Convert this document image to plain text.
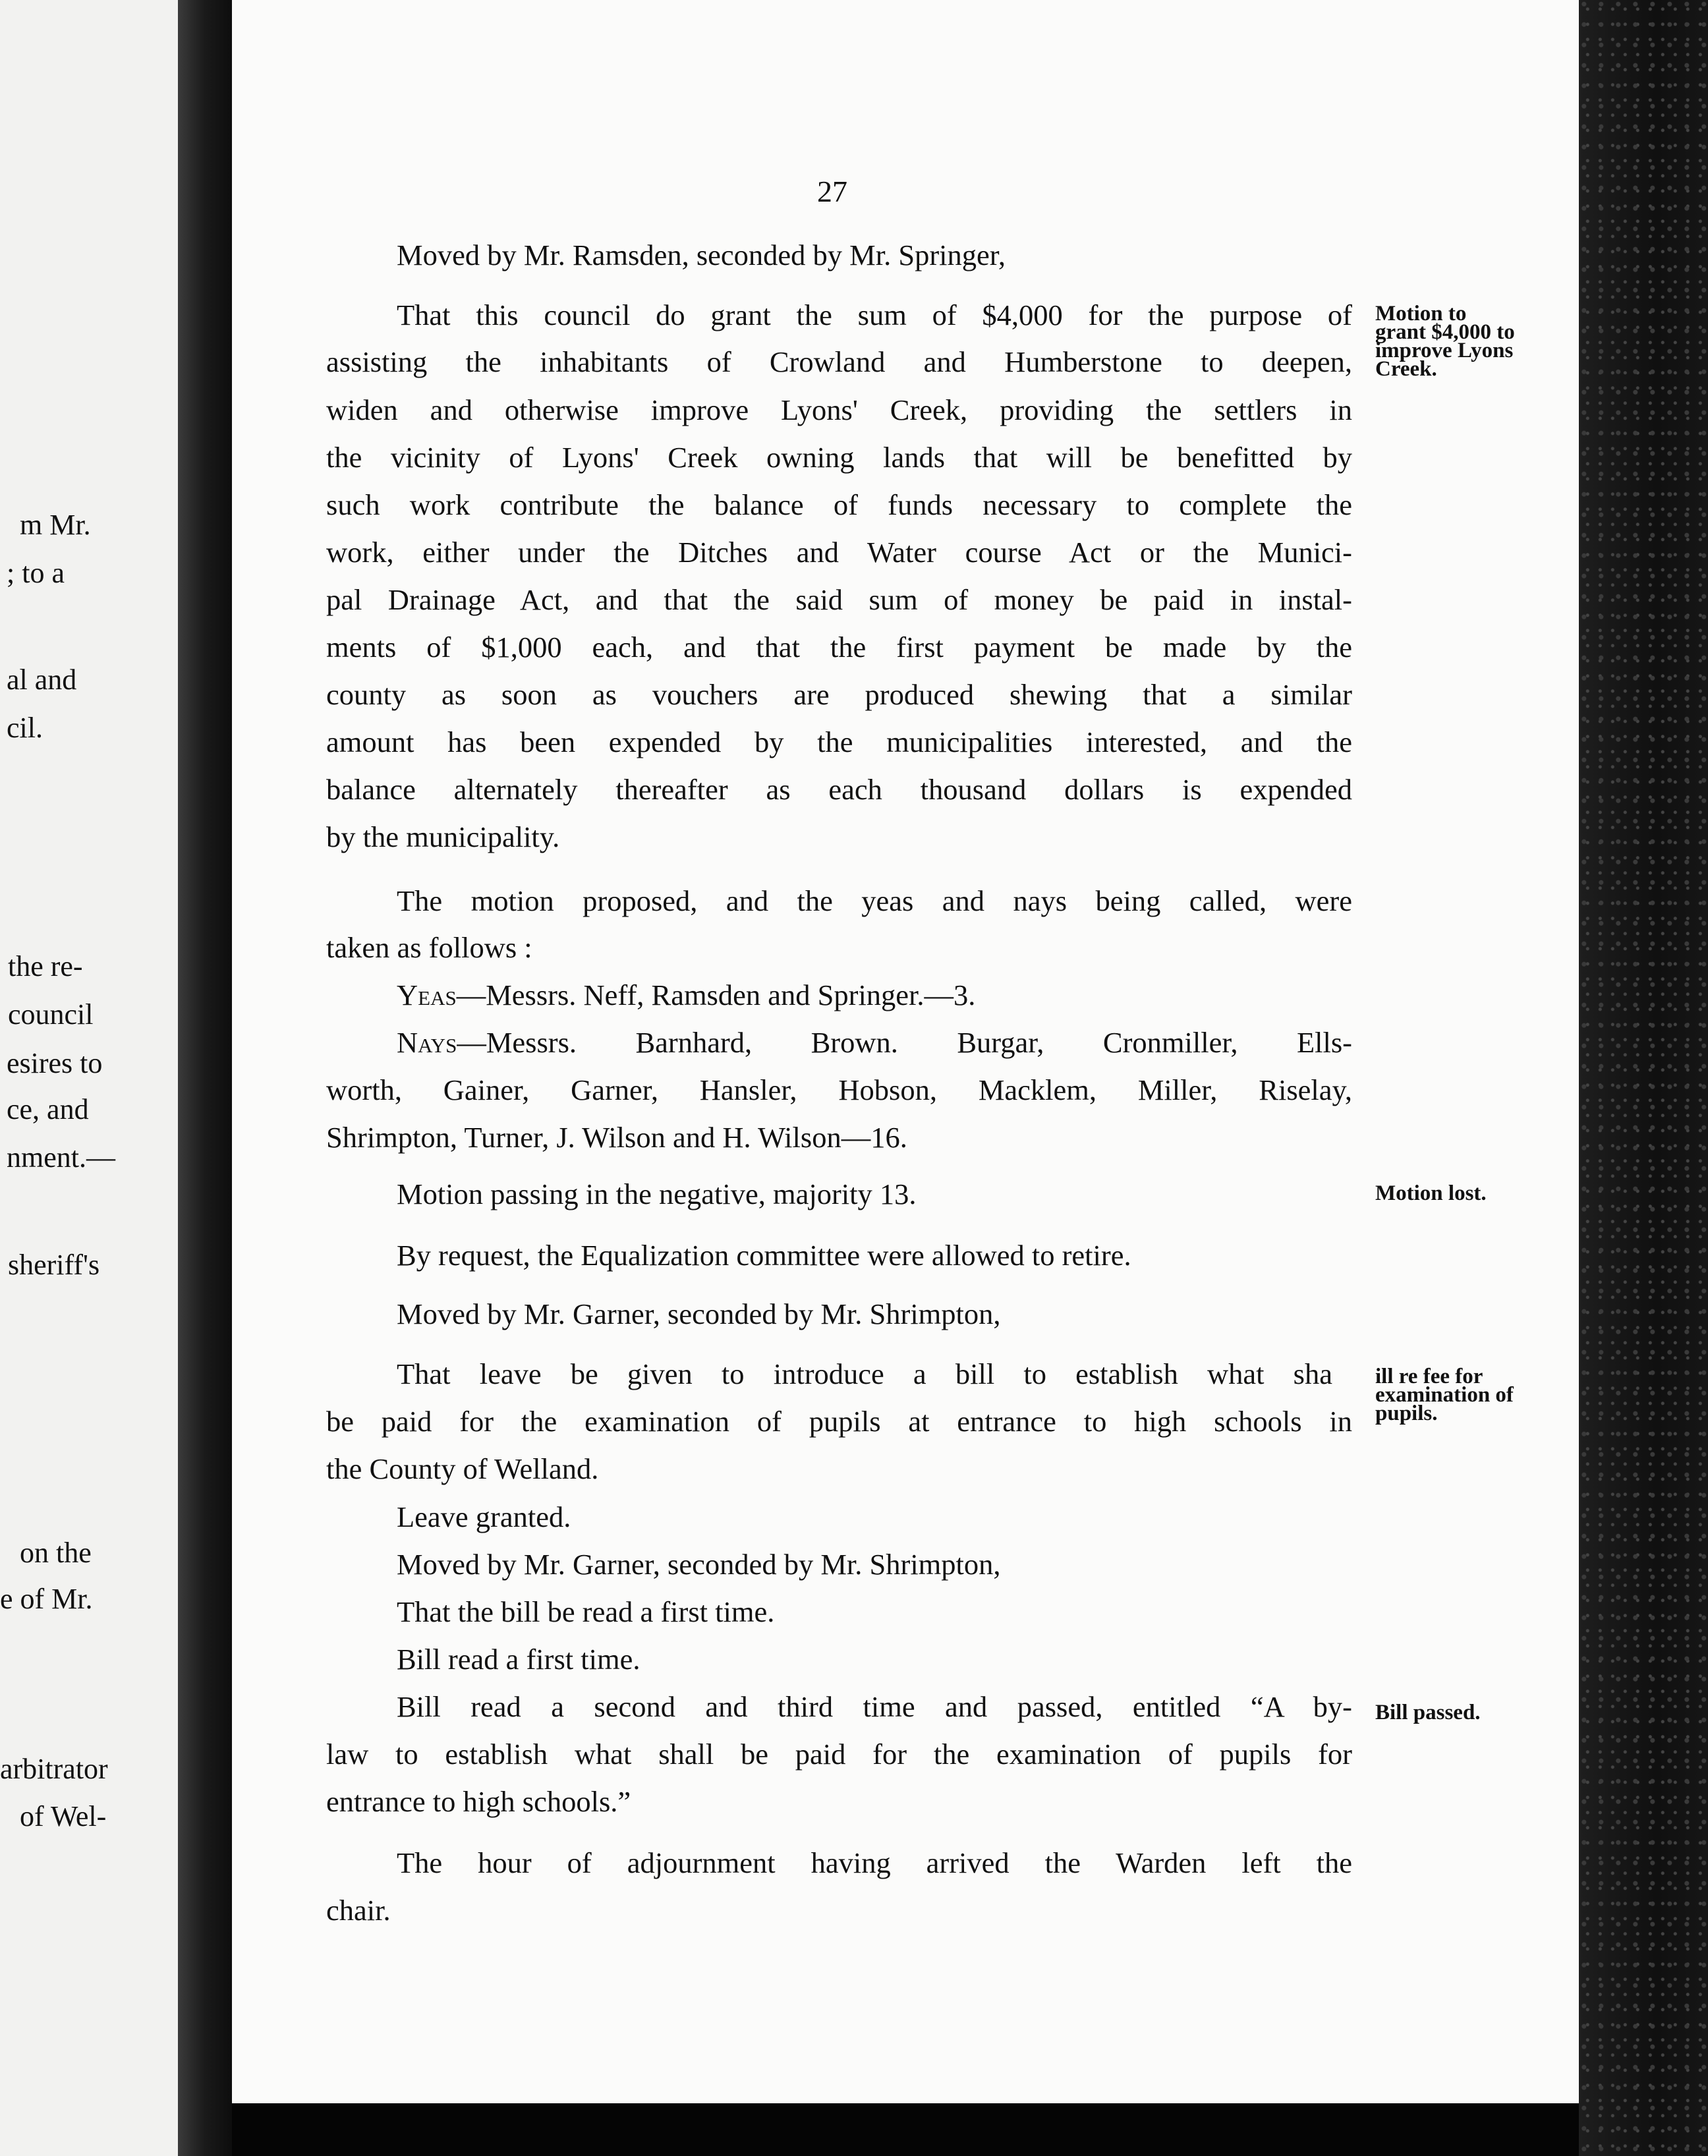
m Mr.
; to a
al and
cil.
the re-
council
esires to
ce, and
nment.—
sheriff's
on the
e of Mr.
arbitrator
of Wel-
27
Moved by Mr. Ramsden, seconded by Mr. Springer,
That this council do grant the sum of $4,000 for the purpose of
assisting the inhabitants of Crowland and Humberstone to deepen,
widen and otherwise improve Lyons' Creek, providing the settlers in
the vicinity of Lyons' Creek owning lands that will be benefitted by
such work contribute the balance of funds necessary to complete the
work, either under the Ditches and Water course Act or the Munici-
pal Drainage Act, and that the said sum of money be paid in instal-
ments of $1,000 each, and that the first payment be made by the
county as soon as vouchers are produced shewing that a similar
amount has been expended by the municipalities interested, and the
balance alternately thereafter as each thousand dollars is expended
by the municipality.
The motion proposed, and the yeas and nays being called, were
taken as follows :
Yeas—Messrs. Neff, Ramsden and Springer.—3.
Nays—Messrs. Barnhard, Brown. Burgar, Cronmiller, Ells-
worth, Gainer, Garner, Hansler, Hobson, Macklem, Miller, Riselay,
Shrimpton, Turner, J. Wilson and H. Wilson—16.
Motion passing in the negative, majority 13.
By request, the Equalization committee were allowed to retire.
Moved by Mr. Garner, seconded by Mr. Shrimpton,
That leave be given to introduce a bill to establish what sha
be paid for the examination of pupils at entrance to high schools in
the County of Welland.
Leave granted.
Moved by Mr. Garner, seconded by Mr. Shrimpton,
That the bill be read a first time.
Bill read a first time.
Bill read a second and third time and passed, entitled “A by-
law to establish what shall be paid for the examination of pupils for
entrance to high schools.”
The hour of adjournment having arrived the Warden left the
chair.
Motion to
grant $4,000 to
improve Lyons
Creek.
Motion lost.
ill re fee for
examination of
pupils.
Bill passed.
